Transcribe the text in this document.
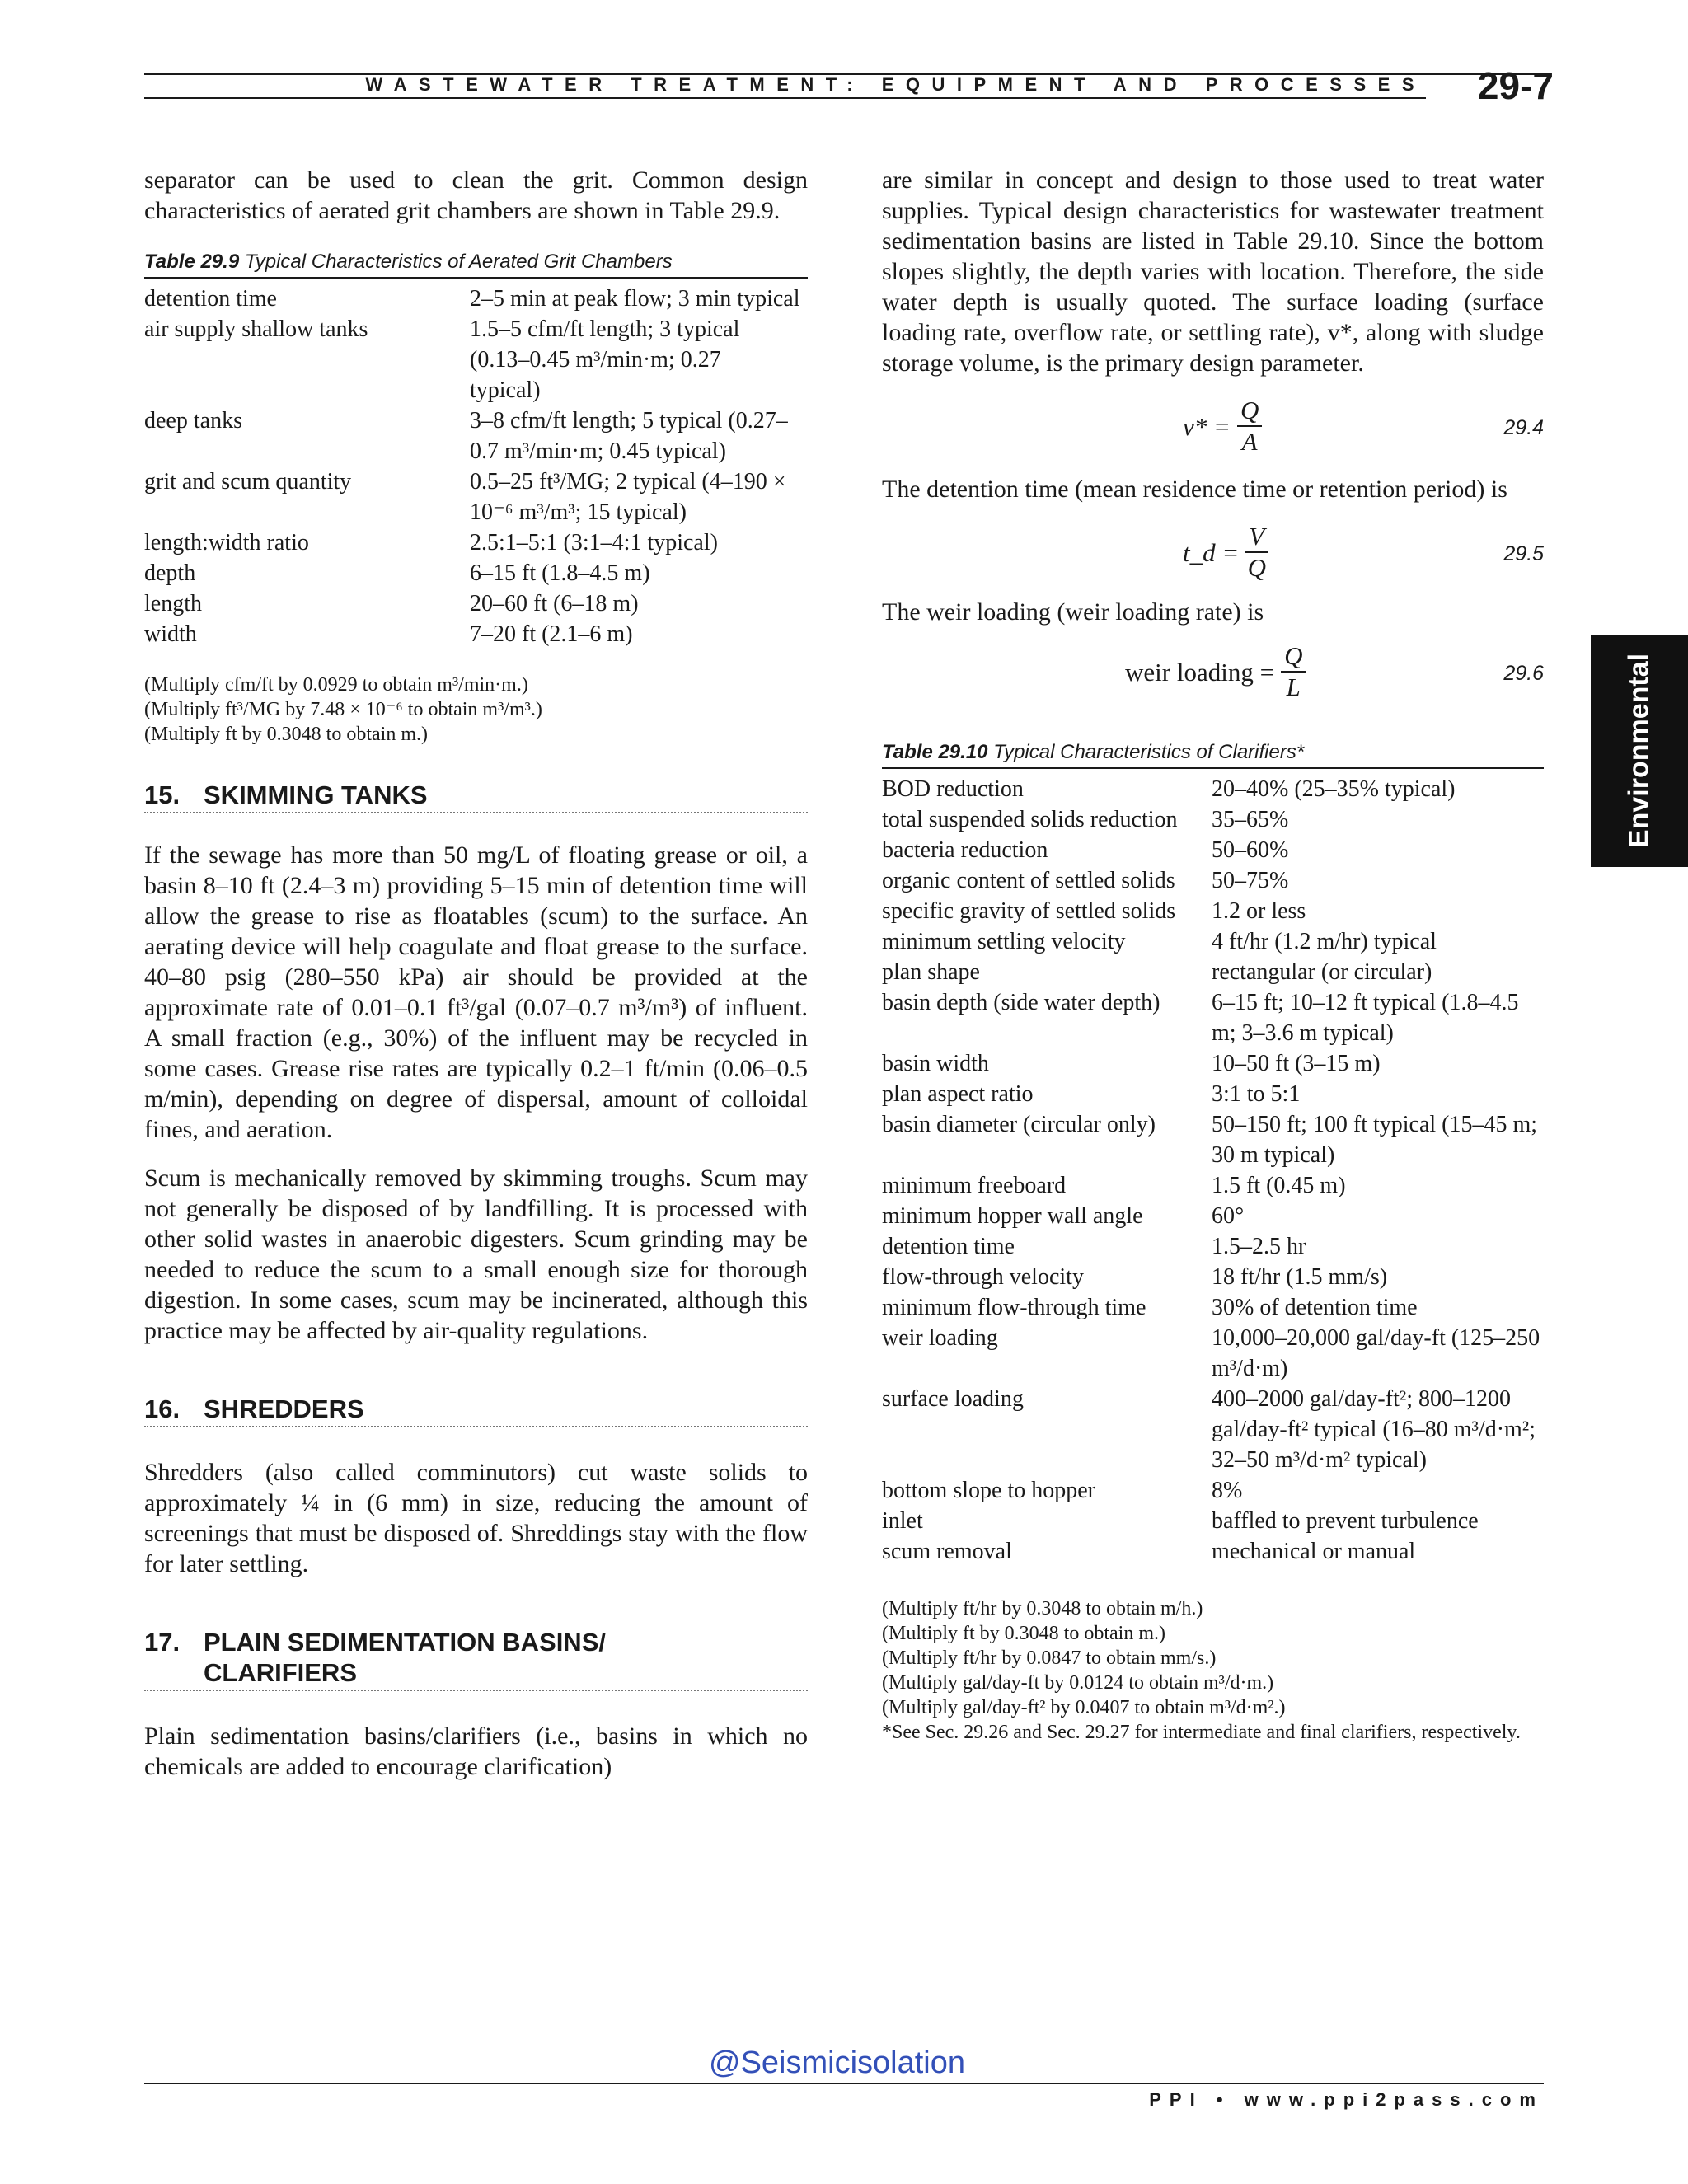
WASTEWATER TREATMENT: EQUIPMENT AND PROCESSES	29-7
Environmental

separator can be used to clean the grit. Common design characteristics of aerated grit chambers are shown in Table 29.9.

Table 29.9 Typical Characteristics of Aerated Grit Chambers
detention time	2–5 min at peak flow; 3 min typical
air supply shallow tanks	1.5–5 cfm/ft length; 3 typical (0.13–0.45 m³/min·m; 0.27 typical)
deep tanks	3–8 cfm/ft length; 5 typical (0.27–0.7 m³/min·m; 0.45 typical)
grit and scum quantity	0.5–25 ft³/MG; 2 typical (4–190 × 10⁻⁶ m³/m³; 15 typical)
length:width ratio	2.5:1–5:1 (3:1–4:1 typical)
depth	6–15 ft (1.8–4.5 m)
length	20–60 ft (6–18 m)
width	7–20 ft (2.1–6 m)
(Multiply cfm/ft by 0.0929 to obtain m³/min·m.)
(Multiply ft³/MG by 7.48 × 10⁻⁶ to obtain m³/m³.)
(Multiply ft by 0.3048 to obtain m.)
15. SKIMMING TANKS

If the sewage has more than 50 mg/L of floating grease or oil, a basin 8–10 ft (2.4–3 m) providing 5–15 min of detention time will allow the grease to rise as floatables (scum) to the surface. An aerating device will help coagulate and float grease to the surface. 40–80 psig (280–550 kPa) air should be provided at the approximate rate of 0.01–0.1 ft³/gal (0.07–0.7 m³/m³) of influent. A small fraction (e.g., 30%) of the influent may be recycled in some cases. Grease rise rates are typically 0.2–1 ft/min (0.06–0.5 m/min), depending on degree of dispersal, amount of colloidal fines, and aeration.

Scum is mechanically removed by skimming troughs. Scum may not generally be disposed of by landfilling. It is processed with other solid wastes in anaerobic digesters. Scum grinding may be needed to reduce the scum to a small enough size for thorough digestion. In some cases, scum may be incinerated, although this practice may be affected by air-quality regulations.

16. SHREDDERS

Shredders (also called comminutors) cut waste solids to approximately ¼ in (6 mm) in size, reducing the amount of screenings that must be disposed of. Shreddings stay with the flow for later settling.

17. PLAIN SEDIMENTATION BASINS/
CLARIFIERS

Plain sedimentation basins/clarifiers (i.e., basins in which no chemicals are added to encourage clarification)

are similar in concept and design to those used to treat water supplies. Typical design characteristics for wastewater treatment sedimentation basins are listed in Table 29.10. Since the bottom slopes slightly, the depth varies with location. Therefore, the side water depth is usually quoted. The surface loading (surface loading rate, overflow rate, or settling rate), v*, along with sludge storage volume, is the primary design parameter.

$v* = \frac{Q}{A}$	29.4

The detention time (mean residence time or retention period) is

t_d = $\frac{V}{Q}$	29.5

The weir loading (weir loading rate) is

weir loading = $\frac{Q}{L}$	29.6
Table 29.10 Typical Characteristics of Clarifiers*
BOD reduction	20–40% (25–35% typical)
total suspended solids reduction	35–65%
bacteria reduction	50–60%
organic content of settled solids	50–75%
specific gravity of settled solids	1.2 or less
minimum settling velocity	4 ft/hr (1.2 m/hr) typical
plan shape	rectangular (or circular)
basin depth (side water depth)	6–15 ft; 10–12 ft typical (1.8–4.5 m; 3–3.6 m typical)
basin width	10–50 ft (3–15 m)
plan aspect ratio	3:1 to 5:1
basin diameter (circular only)	50–150 ft; 100 ft typical (15–45 m; 30 m typical)
minimum freeboard	1.5 ft (0.45 m)
minimum hopper wall angle	60°
detention time	1.5–2.5 hr
flow-through velocity	18 ft/hr (1.5 mm/s)
minimum flow-through time	30% of detention time
weir loading	10,000–20,000 gal/day-ft (125–250 m³/d·m)
surface loading	400–2000 gal/day-ft²; 800–1200 gal/day-ft² typical (16–80 m³/d·m²; 32–50 m³/d·m² typical)
bottom slope to hopper	8%
inlet	baffled to prevent turbulence
scum removal	mechanical or manual
(Multiply ft/hr by 0.3048 to obtain m/h.)
(Multiply ft by 0.3048 to obtain m.)
(Multiply ft/hr by 0.0847 to obtain mm/s.)
(Multiply gal/day-ft by 0.0124 to obtain m³/d·m.)
(Multiply gal/day-ft² by 0.0407 to obtain m³/d·m².)
*See Sec. 29.26 and Sec. 29.27 for intermediate and final clarifiers, respectively.
@Seismicisolation
PPI • www.ppi2pass.com
